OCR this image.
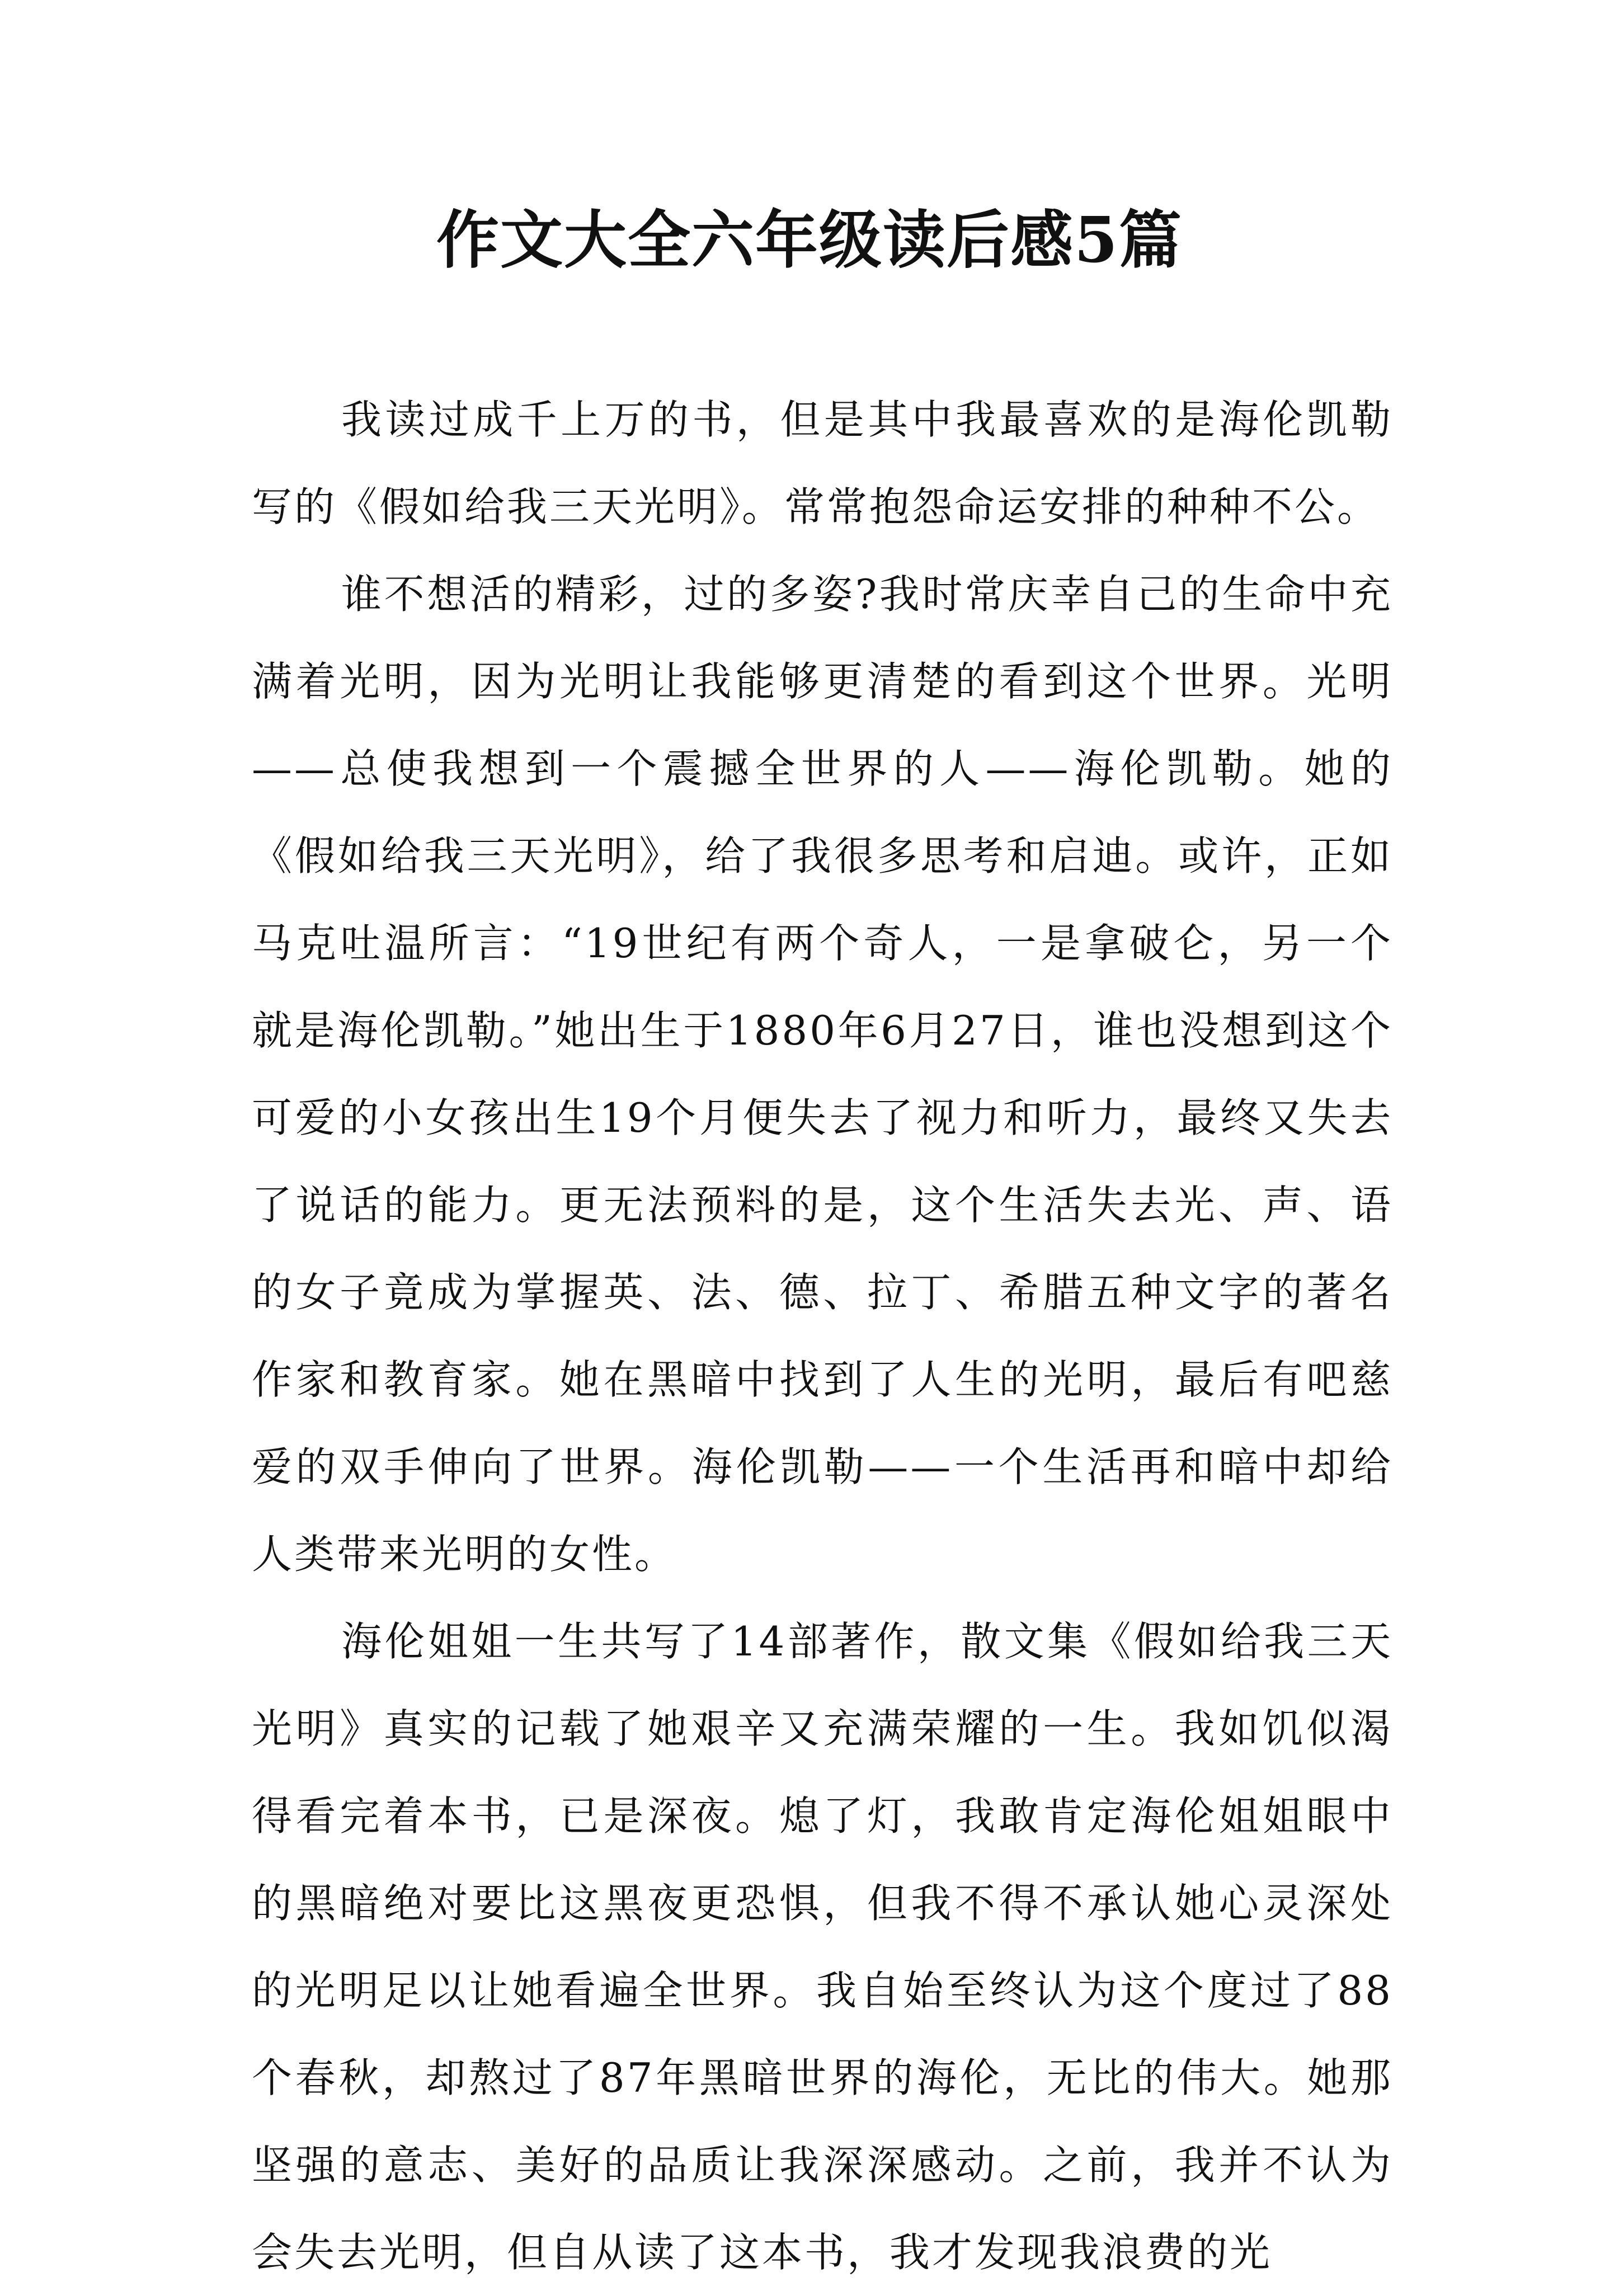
作文大全六年级读后感5篇

我读过成千上万的书，但是其中我最喜欢的是海伦凯勒写的《假如给我三天光明》。常常抱怨命运安排的种种不公。

谁不想活的精彩，过的多姿?我时常庆幸自己的生命中充满着光明，因为光明让我能够更清楚的看到这个世界。光明——总使我想到一个震撼全世界的人——海伦凯勒。她的《假如给我三天光明》，给了我很多思考和启迪。或许，正如马克吐温所言：“19世纪有两个奇人，一是拿破仑，另一个就是海伦凯勒。”她出生于1880年6月27日，谁也没想到这个可爱的小女孩出生19个月便失去了视力和听力，最终又失去了说话的能力。更无法预料的是，这个生活失去光、声、语的女子竟成为掌握英、法、德、拉丁、希腊五种文字的著名作家和教育家。她在黑暗中找到了人生的光明，最后有吧慈爱的双手伸向了世界。海伦凯勒——一个生活再和暗中却给人类带来光明的女性。

海伦姐姐一生共写了14部著作，散文集《假如给我三天光明》真实的记载了她艰辛又充满荣耀的一生。我如饥似渴得看完着本书，已是深夜。熄了灯，我敢肯定海伦姐姐眼中的黑暗绝对要比这黑夜更恐惧，但我不得不承认她心灵深处的光明足以让她看遍全世界。我自始至终认为这个度过了88个春秋，却熬过了87年黑暗世界的海伦，无比的伟大。她那坚强的意志、美好的品质让我深深感动。之前，我并不认为会失去光明，但自从读了这本书，我才发现我浪费的光
